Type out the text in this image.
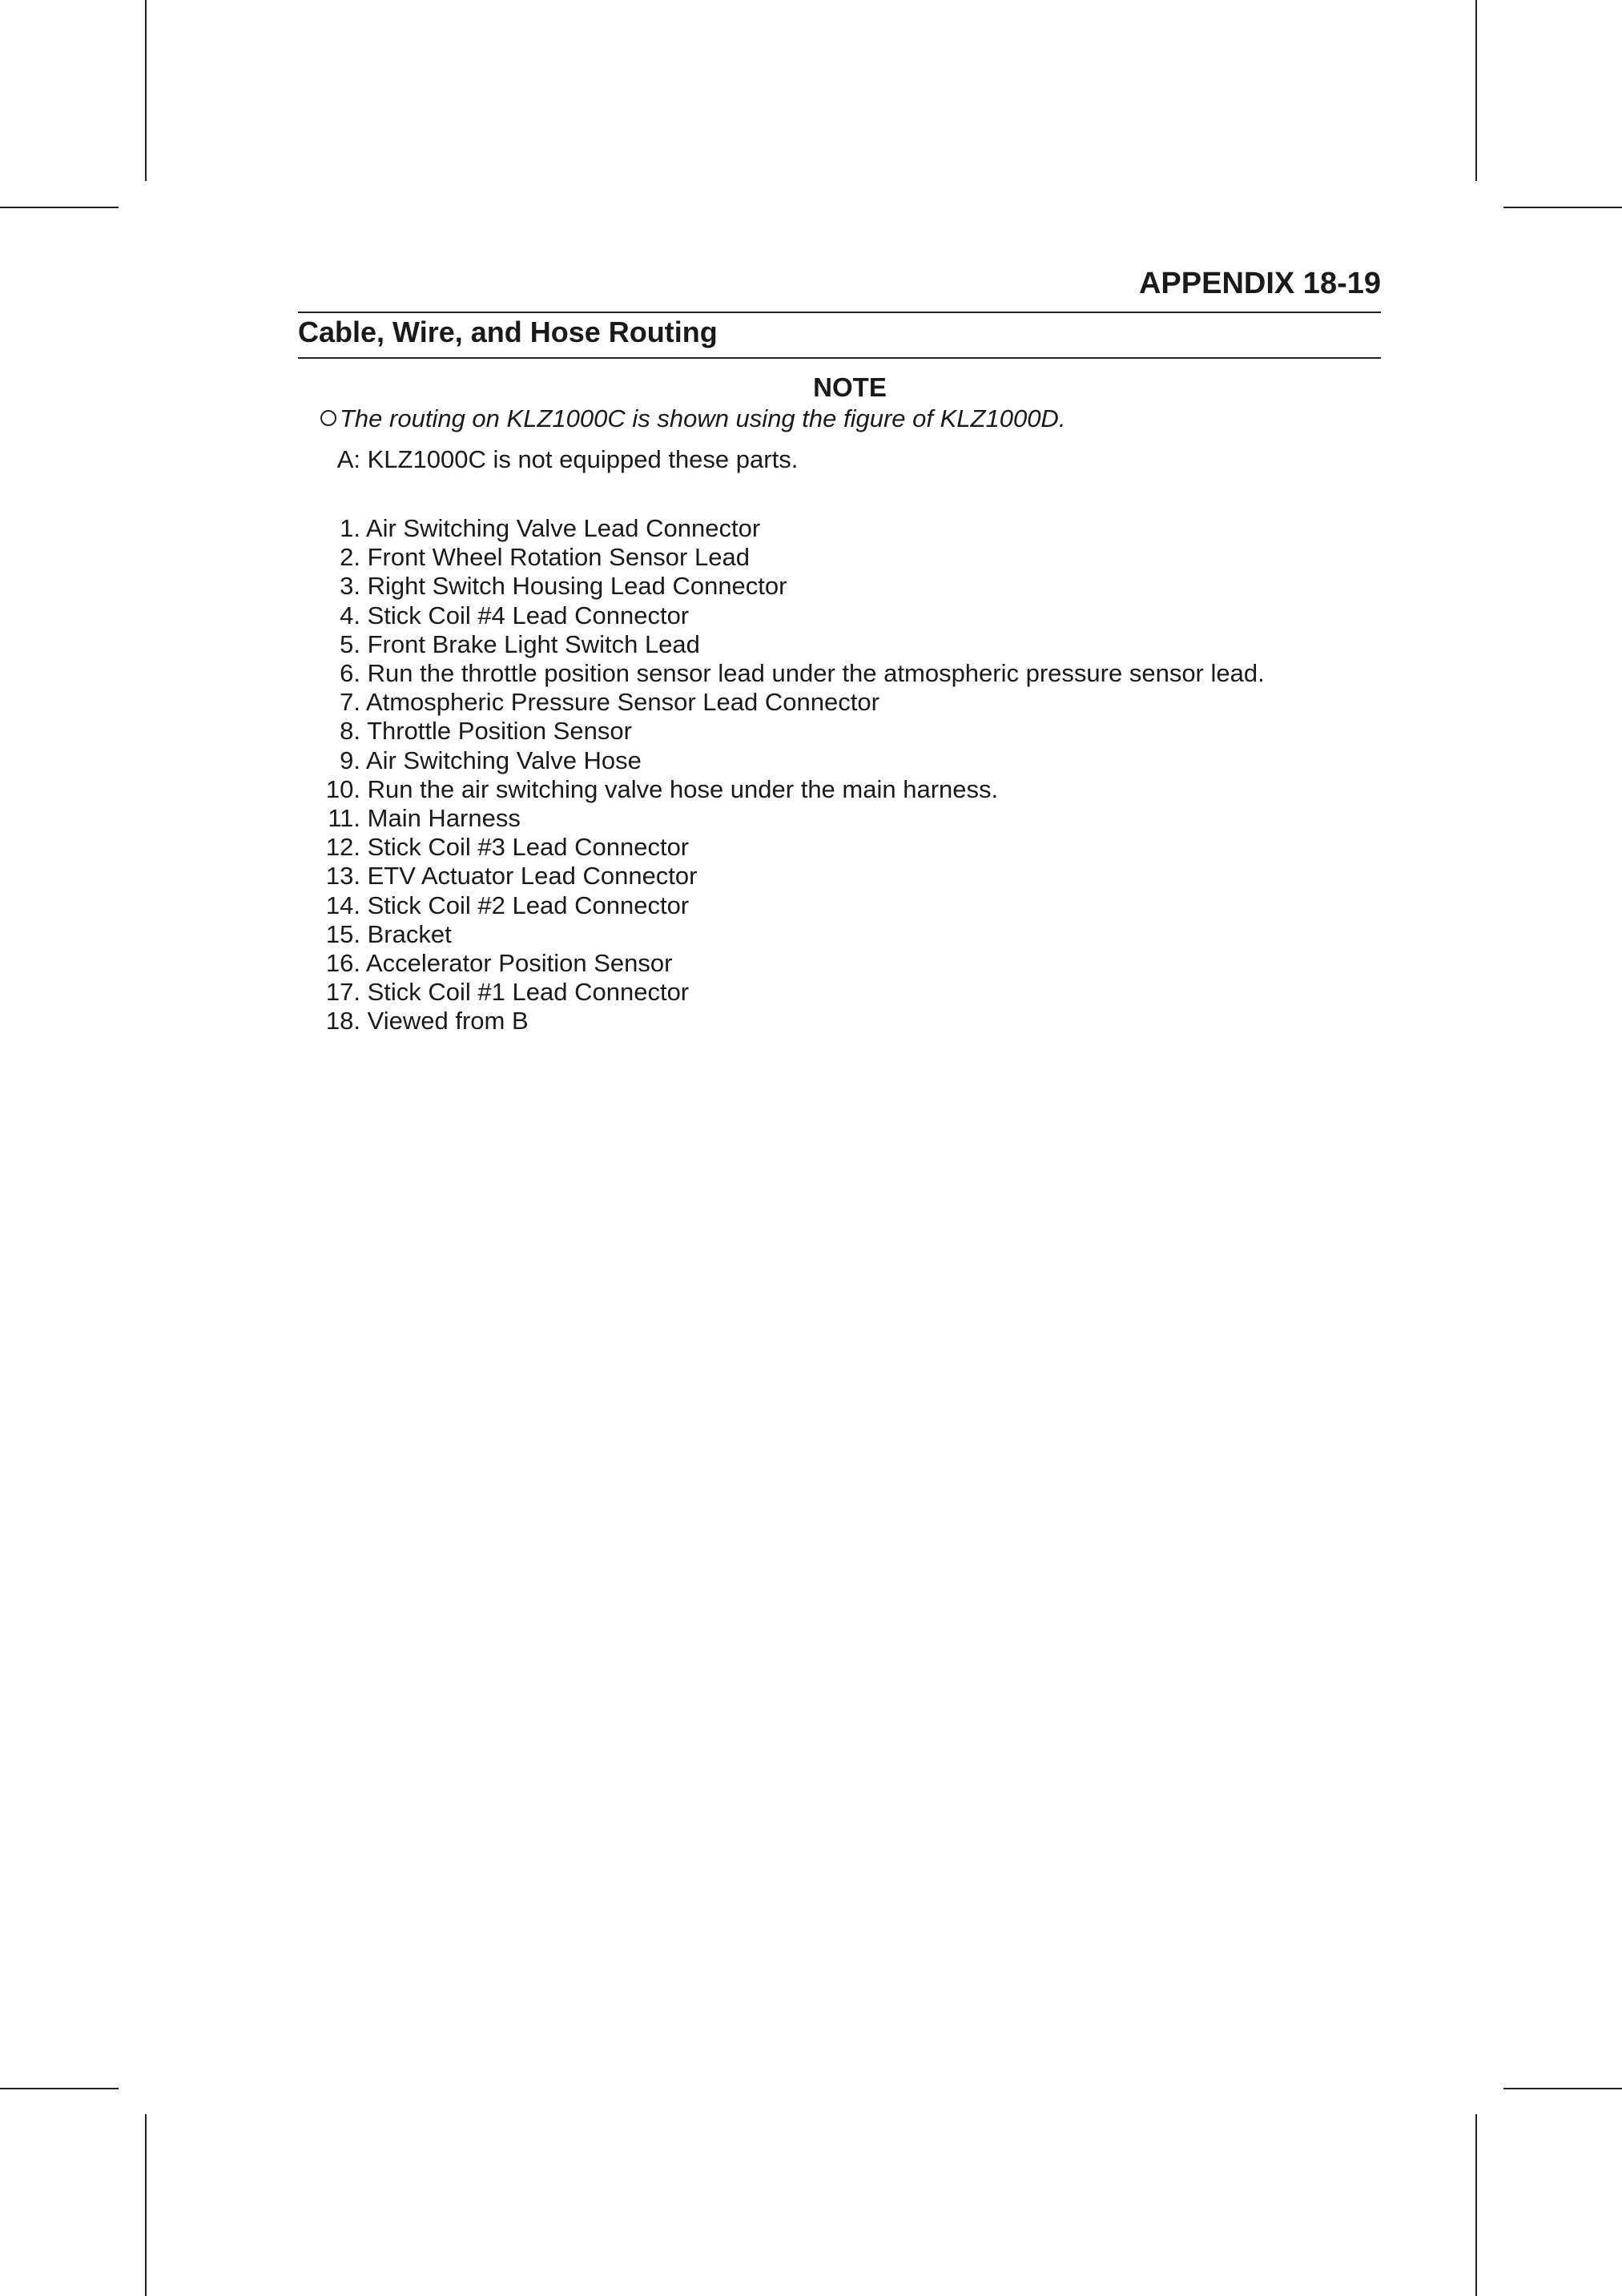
APPENDIX 18-19
Cable, Wire, and Hose Routing
NOTE
The routing on KLZ1000C is shown using the figure of KLZ1000D.
A: KLZ1000C is not equipped these parts.
1. Air Switching Valve Lead Connector
2. Front Wheel Rotation Sensor Lead
3. Right Switch Housing Lead Connector
4. Stick Coil #4 Lead Connector
5. Front Brake Light Switch Lead
6. Run the throttle position sensor lead under the atmospheric pressure sensor lead.
7. Atmospheric Pressure Sensor Lead Connector
8. Throttle Position Sensor
9. Air Switching Valve Hose
10. Run the air switching valve hose under the main harness.
11. Main Harness
12. Stick Coil #3 Lead Connector
13. ETV Actuator Lead Connector
14. Stick Coil #2 Lead Connector
15. Bracket
16. Accelerator Position Sensor
17. Stick Coil #1 Lead Connector
18. Viewed from B
